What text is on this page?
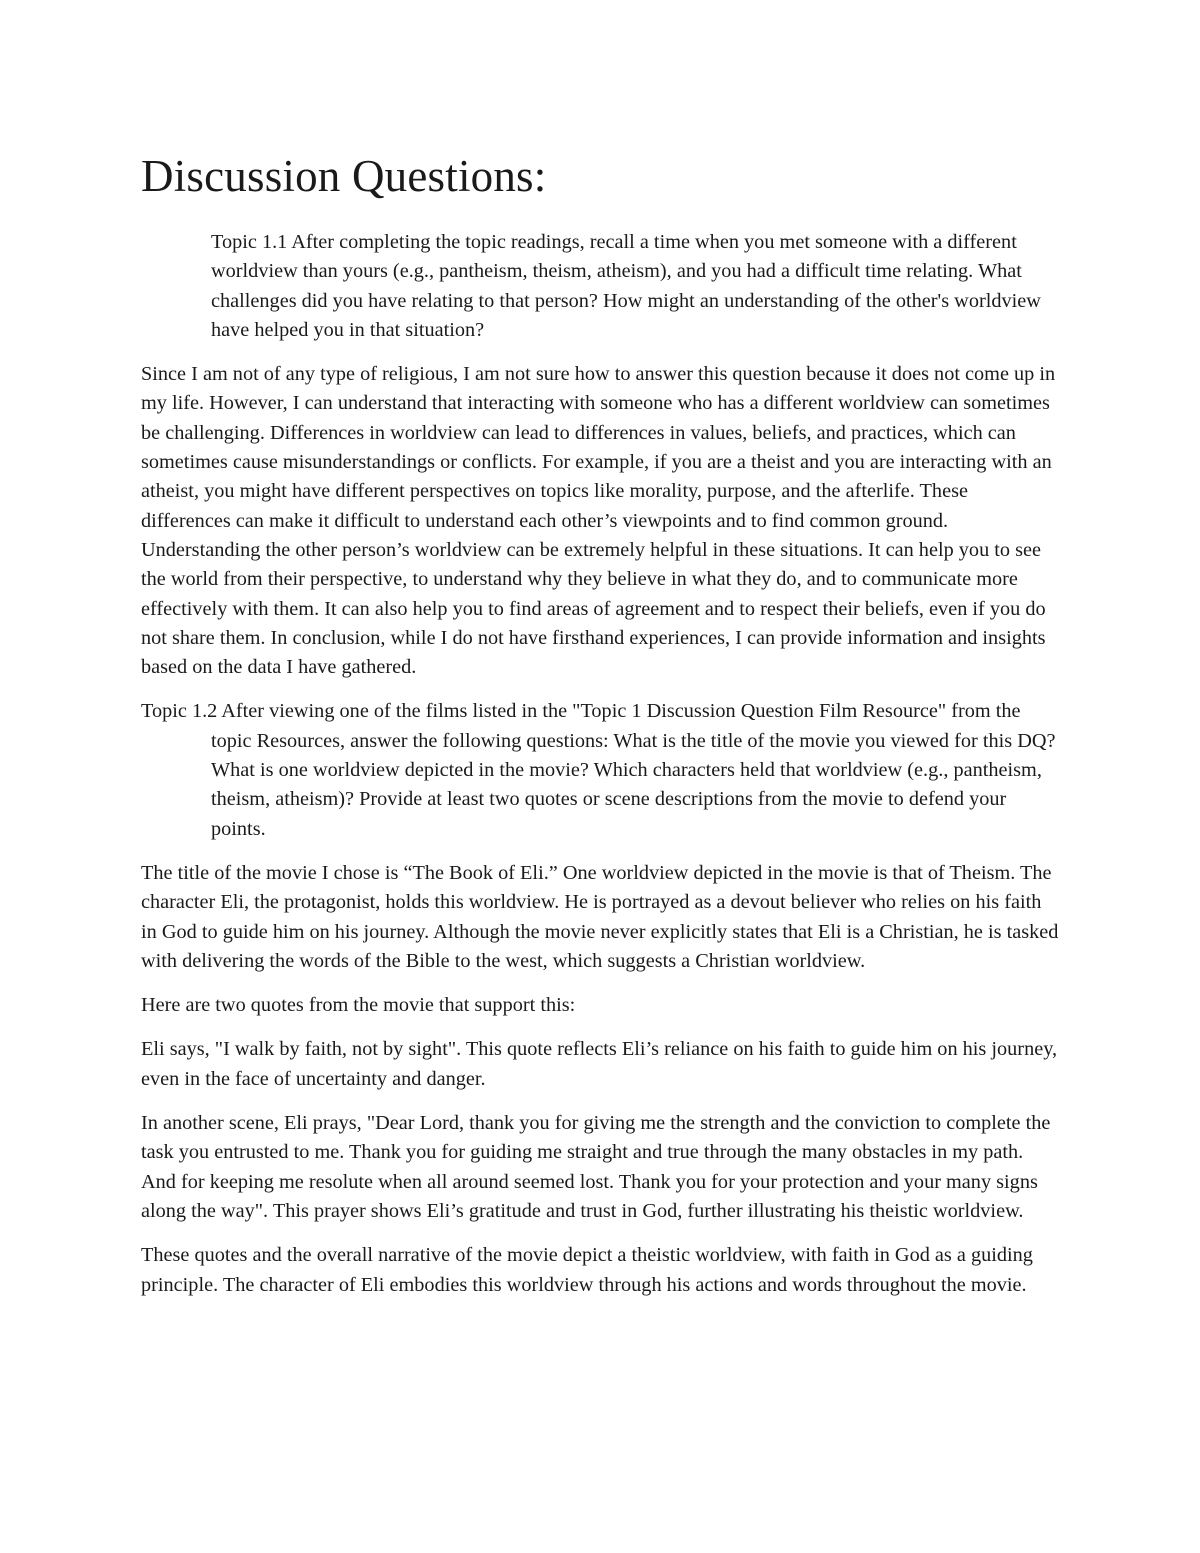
Discussion Questions:

Topic 1.1 After completing the topic readings, recall a time when you met someone with a different worldview than yours (e.g., pantheism, theism, atheism), and you had a difficult time relating. What challenges did you have relating to that person? How might an understanding of the other's worldview have helped you in that situation?

Since I am not of any type of religious, I am not sure how to answer this question because it does not come up in my life. However, I can understand that interacting with someone who has a different worldview can sometimes be challenging. Differences in worldview can lead to differences in values, beliefs, and practices, which can sometimes cause misunderstandings or conflicts. For example, if you are a theist and you are interacting with an atheist, you might have different perspectives on topics like morality, purpose, and the afterlife. These differences can make it difficult to understand each other’s viewpoints and to find common ground. Understanding the other person’s worldview can be extremely helpful in these situations. It can help you to see the world from their perspective, to understand why they believe in what they do, and to communicate more effectively with them. It can also help you to find areas of agreement and to respect their beliefs, even if you do not share them. In conclusion, while I do not have firsthand experiences, I can provide information and insights based on the data I have gathered.

Topic 1.2 After viewing one of the films listed in the "Topic 1 Discussion Question Film Resource" from the topic Resources, answer the following questions: What is the title of the movie you viewed for this DQ? What is one worldview depicted in the movie? Which characters held that worldview (e.g., pantheism, theism, atheism)? Provide at least two quotes or scene descriptions from the movie to defend your points.

The title of the movie I chose is “The Book of Eli.” One worldview depicted in the movie is that of Theism. The character Eli, the protagonist, holds this worldview. He is portrayed as a devout believer who relies on his faith in God to guide him on his journey. Although the movie never explicitly states that Eli is a Christian, he is tasked with delivering the words of the Bible to the west, which suggests a Christian worldview.

Here are two quotes from the movie that support this:

Eli says, "I walk by faith, not by sight". This quote reflects Eli’s reliance on his faith to guide him on his journey, even in the face of uncertainty and danger.

In another scene, Eli prays, "Dear Lord, thank you for giving me the strength and the conviction to complete the task you entrusted to me. Thank you for guiding me straight and true through the many obstacles in my path. And for keeping me resolute when all around seemed lost. Thank you for your protection and your many signs along the way". This prayer shows Eli’s gratitude and trust in God, further illustrating his theistic worldview.

These quotes and the overall narrative of the movie depict a theistic worldview, with faith in God as a guiding principle. The character of Eli embodies this worldview through his actions and words throughout the movie.
